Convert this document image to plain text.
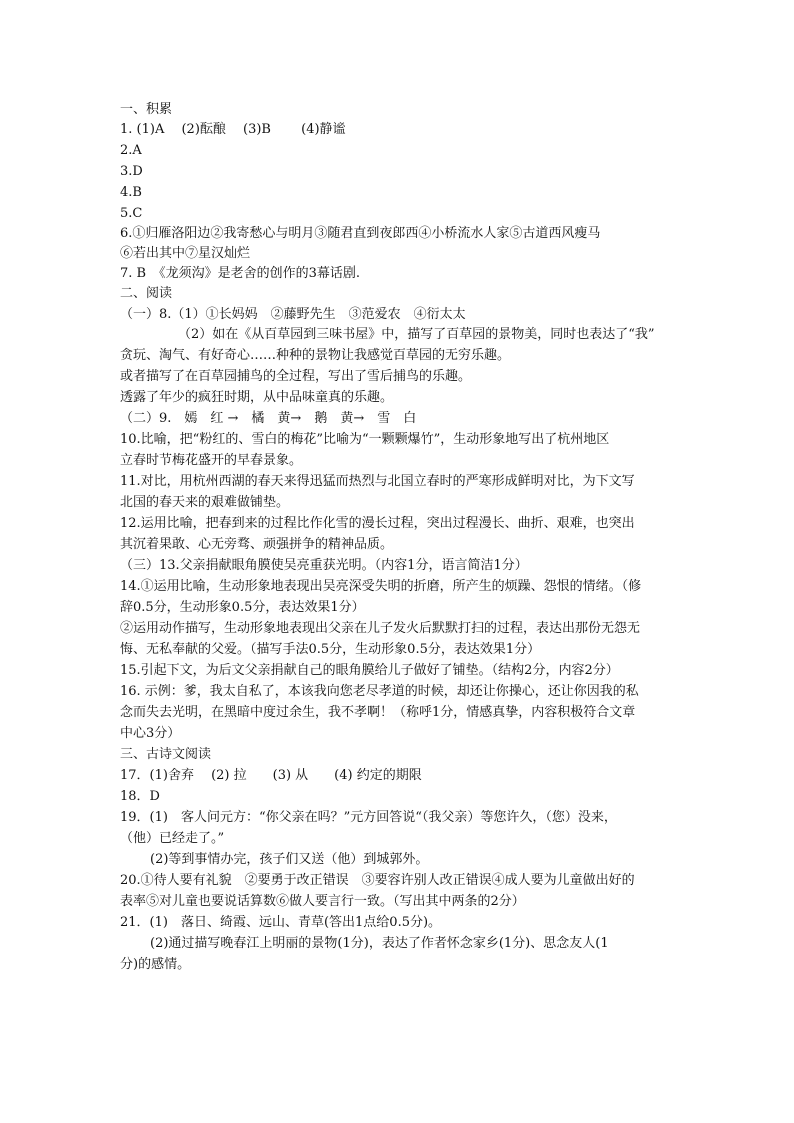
一、积累
1. (1)A　 (2)酝酿　 (3)B　　 (4)静谧
2.A
3.D
4.B
5.C
6.①归雁洛阳边②我寄愁心与明月③随君直到夜郎西④小桥流水人家⑤古道西风瘦马
⑥若出其中⑦星汉灿烂
7. B　《龙须沟》是老舍的创作的3幕话剧.
二、阅读
（一）8.（1）①长妈妈　②藤野先生　③范爱农　④衍太太
（2）如在《从百草园到三味书屋》中，描写了百草园的景物美，同时也表达了“我”
贪玩、淘气、有好奇心……种种的景物让我感觉百草园的无穷乐趣。
或者描写了在百草园捕鸟的全过程，写出了雪后捕鸟的乐趣。
透露了年少的疯狂时期，从中品味童真的乐趣。
（二）9.　嫣　红 →　橘　黄→　鹅　黄→　雪　白
10.比喻，把“粉红的、雪白的梅花”比喻为“一颗颗爆竹”，生动形象地写出了杭州地区
立春时节梅花盛开的早春景象。
11.对比，用杭州西湖的春天来得迅猛而热烈与北国立春时的严寒形成鲜明对比，为下文写
北国的春天来的艰难做铺垫。
12.运用比喻，把春到来的过程比作化雪的漫长过程，突出过程漫长、曲折、艰难，也突出
其沉着果敢、心无旁骛、顽强拼争的精神品质。
（三）13.父亲捐献眼角膜使吴亮重获光明。（内容1分，语言简洁1分）
14.①运用比喻，生动形象地表现出吴亮深受失明的折磨，所产生的烦躁、怨恨的情绪。（修
辞0.5分，生动形象0.5分，表达效果1分）
②运用动作描写，生动形象地表现出父亲在儿子发火后默默打扫的过程，表达出那份无怨无
悔、无私奉献的父爱。（描写手法0.5分，生动形象0.5分，表达效果1分）
15.引起下文，为后文父亲捐献自己的眼角膜给儿子做好了铺垫。（结构2分，内容2分）
16. 示例：爹，我太自私了，本该我向您老尽孝道的时候，却还让你操心，还让你因我的私
念而失去光明，在黑暗中度过余生，我不孝啊！（称呼1分，情感真挚，内容积极符合文章
中心3分）
三、古诗文阅读
17．(1)舍弃　 (2) 拉　　(3) 从　　(4) 约定的期限
18．D
19．(1)　客人问元方：“你父亲在吗？”元方回答说“（我父亲）等您许久，（您）没来，
（他）已经走了。”
(2)等到事情办完，孩子们又送（他）到城郭外。
20.①待人要有礼貌　②要勇于改正错误　③要容许别人改正错误④成人要为儿童做出好的
表率⑤对儿童也要说话算数⑥做人要言行一致。（写出其中两条的2分）
21．(1)　落日、绮霞、远山、青草(答出1点给0.5分)。
(2)通过描写晚春江上明丽的景物(1分)，表达了作者怀念家乡(1分)、思念友人(1
分)的感情。
